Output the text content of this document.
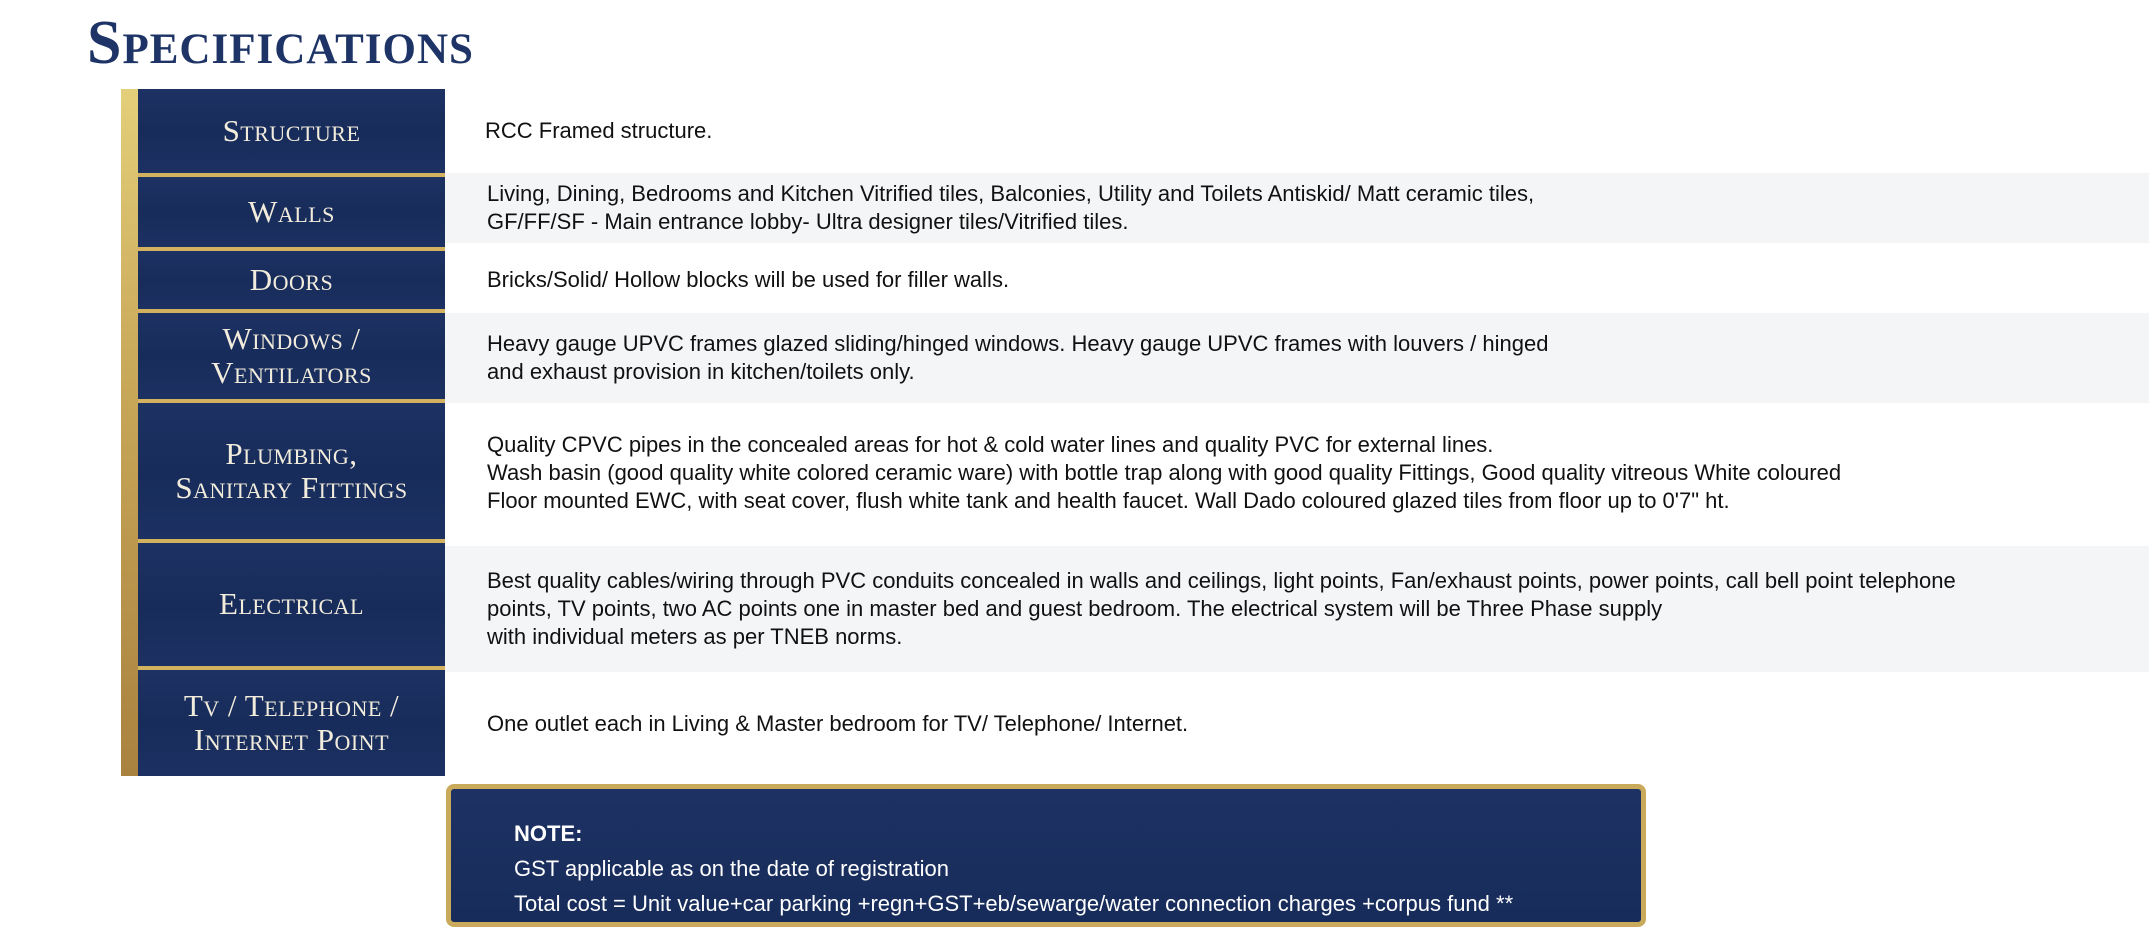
Specifications
Structure
Walls
Doors
Windows /
Ventilators
Plumbing,
Sanitary Fittings
Electrical
Tv / Telephone /
Internet Point

RCC Framed structure.

Living, Dining, Bedrooms and Kitchen Vitrified tiles, Balconies, Utility and Toilets Antiskid/ Matt ceramic tiles,

GF/FF/SF - Main entrance lobby- Ultra designer tiles/Vitrified tiles.

Bricks/Solid/ Hollow blocks will be used for filler walls.

Heavy gauge UPVC frames glazed sliding/hinged windows. Heavy gauge UPVC frames with louvers / hinged

and exhaust provision in kitchen/toilets only.

Quality CPVC pipes in the concealed areas for hot & cold water lines and quality PVC for external lines.

Wash basin (good quality white colored ceramic ware) with bottle trap along with good quality Fittings, Good quality vitreous White coloured

Floor mounted EWC, with seat cover, flush white tank and health faucet. Wall Dado coloured glazed tiles from floor up to 0'7" ht.

Best quality cables/wiring through PVC conduits concealed in walls and ceilings, light points, Fan/exhaust points, power points, call bell point telephone

points, TV points, two AC points one in master bed and guest bedroom. The electrical system will be Three Phase supply

with individual meters as per TNEB norms.

One outlet each in Living & Master bedroom for TV/ Telephone/ Internet.

NOTE:

GST applicable as on the date of registration

Total cost = Unit value+car parking +regn+GST+eb/sewarge/water connection charges +corpus fund **
